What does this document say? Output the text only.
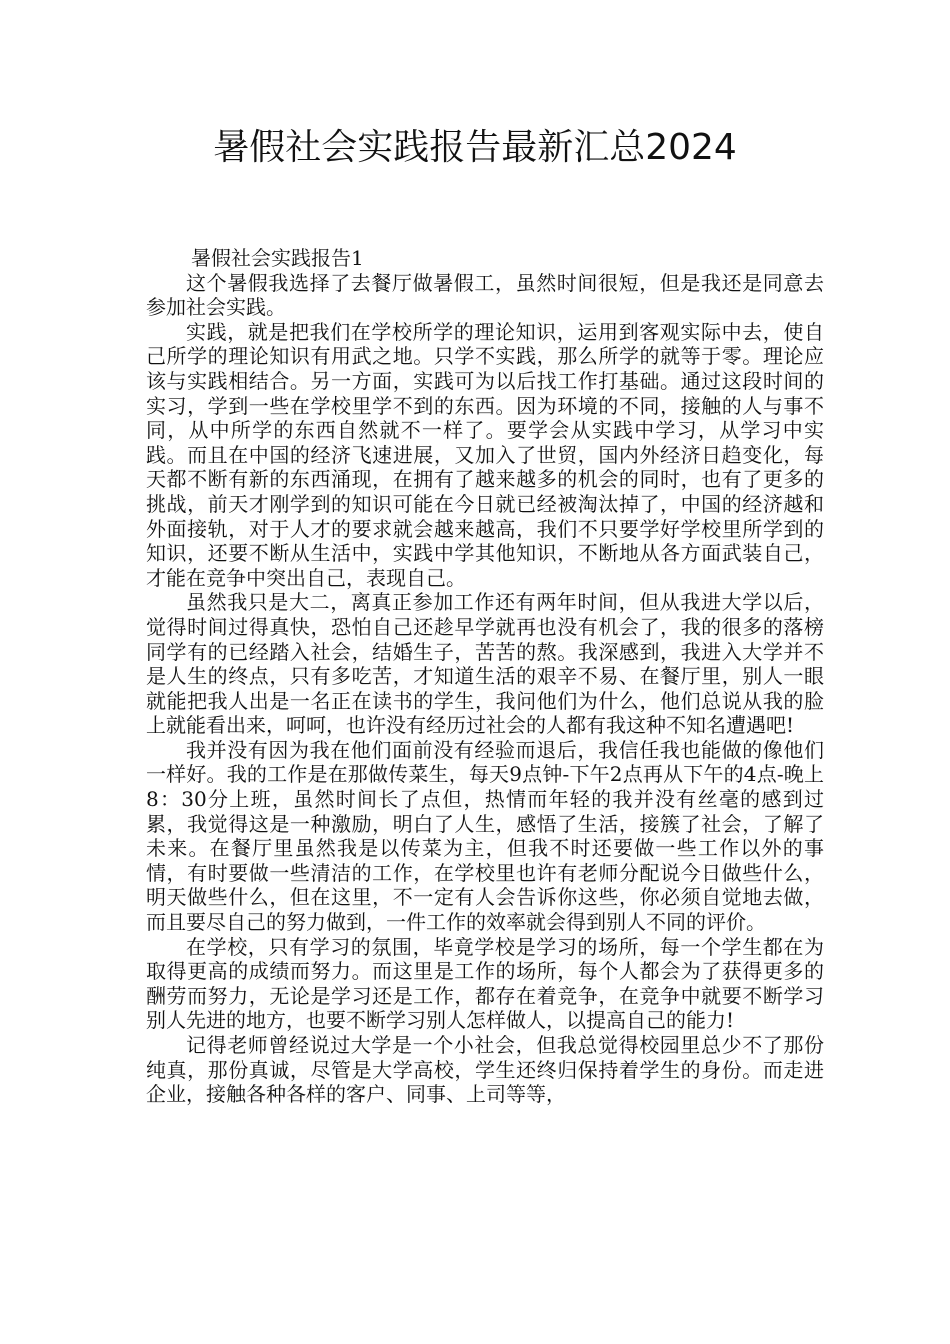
暑假社会实践报告最新汇总2024

暑假社会实践报告1

这个暑假我选择了去餐厅做暑假工，虽然时间很短，但是我还是同意去参加社会实践。

实践，就是把我们在学校所学的理论知识，运用到客观实际中去，使自己所学的理论知识有用武之地。只学不实践，那么所学的就等于零。理论应该与实践相结合。另一方面，实践可为以后找工作打基础。通过这段时间的实习，学到一些在学校里学不到的东西。因为环境的不同，接触的人与事不同，从中所学的东西自然就不一样了。要学会从实践中学习，从学习中实践。而且在中国的经济飞速进展，又加入了世贸，国内外经济日趋变化，每天都不断有新的东西涌现，在拥有了越来越多的机会的同时，也有了更多的挑战，前天才刚学到的知识可能在今日就已经被淘汰掉了，中国的经济越和外面接轨，对于人才的要求就会越来越高，我们不只要学好学校里所学到的知识，还要不断从生活中，实践中学其他知识，不断地从各方面武装自己，才能在竞争中突出自己，表现自己。

虽然我只是大二，离真正参加工作还有两年时间，但从我进大学以后，觉得时间过得真快，恐怕自己还趁早学就再也没有机会了，我的很多的落榜同学有的已经踏入社会，结婚生子，苦苦的熬。我深感到，我进入大学并不是人生的终点，只有多吃苦，才知道生活的艰辛不易、在餐厅里，别人一眼就能把我人出是一名正在读书的学生，我问他们为什么，他们总说从我的脸上就能看出来，呵呵，也许没有经历过社会的人都有我这种不知名遭遇吧!

我并没有因为我在他们面前没有经验而退后，我信任我也能做的像他们一样好。我的工作是在那做传菜生，每天9点钟-下午2点再从下午的4点-晚上8：30分上班，虽然时间长了点但，热情而年轻的我并没有丝毫的感到过累，我觉得这是一种激励，明白了人生，感悟了生活，接簇了社会，了解了未来。在餐厅里虽然我是以传菜为主，但我不时还要做一些工作以外的事情，有时要做一些清洁的工作，在学校里也许有老师分配说今日做些什么，明天做些什么，但在这里，不一定有人会告诉你这些，你必须自觉地去做，而且要尽自己的努力做到，一件工作的效率就会得到别人不同的评价。

在学校，只有学习的氛围，毕竟学校是学习的场所，每一个学生都在为取得更高的成绩而努力。而这里是工作的场所，每个人都会为了获得更多的酬劳而努力，无论是学习还是工作，都存在着竞争，在竞争中就要不断学习别人先进的地方，也要不断学习别人怎样做人，以提高自己的能力!

记得老师曾经说过大学是一个小社会，但我总觉得校园里总少不了那份纯真，那份真诚，尽管是大学高校，学生还终归保持着学生的身份。而走进企业，接触各种各样的客户、同事、上司等等，
